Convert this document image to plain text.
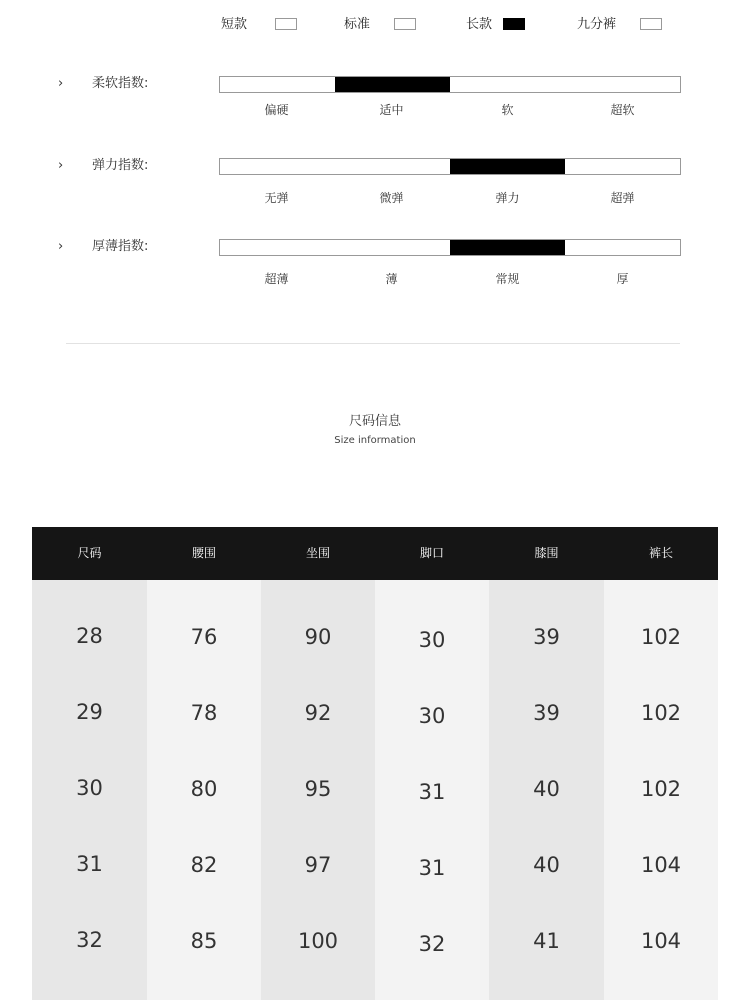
短款	标准	长款	九分裤
› 柔软指数:
偏硬	适中	软	超软
› 弹力指数:
无弹	微弹	弹力	超弹
› 厚薄指数:
超薄	薄	常规	厚
尺码信息
Size information
尺码	腰围	坐围	脚口	膝围	裤长
28	76	90	30	39	102
29	78	92	30	39	102
30	80	95	31	40	102
31	82	97	31	40	104
32	85	100	32	41	104
